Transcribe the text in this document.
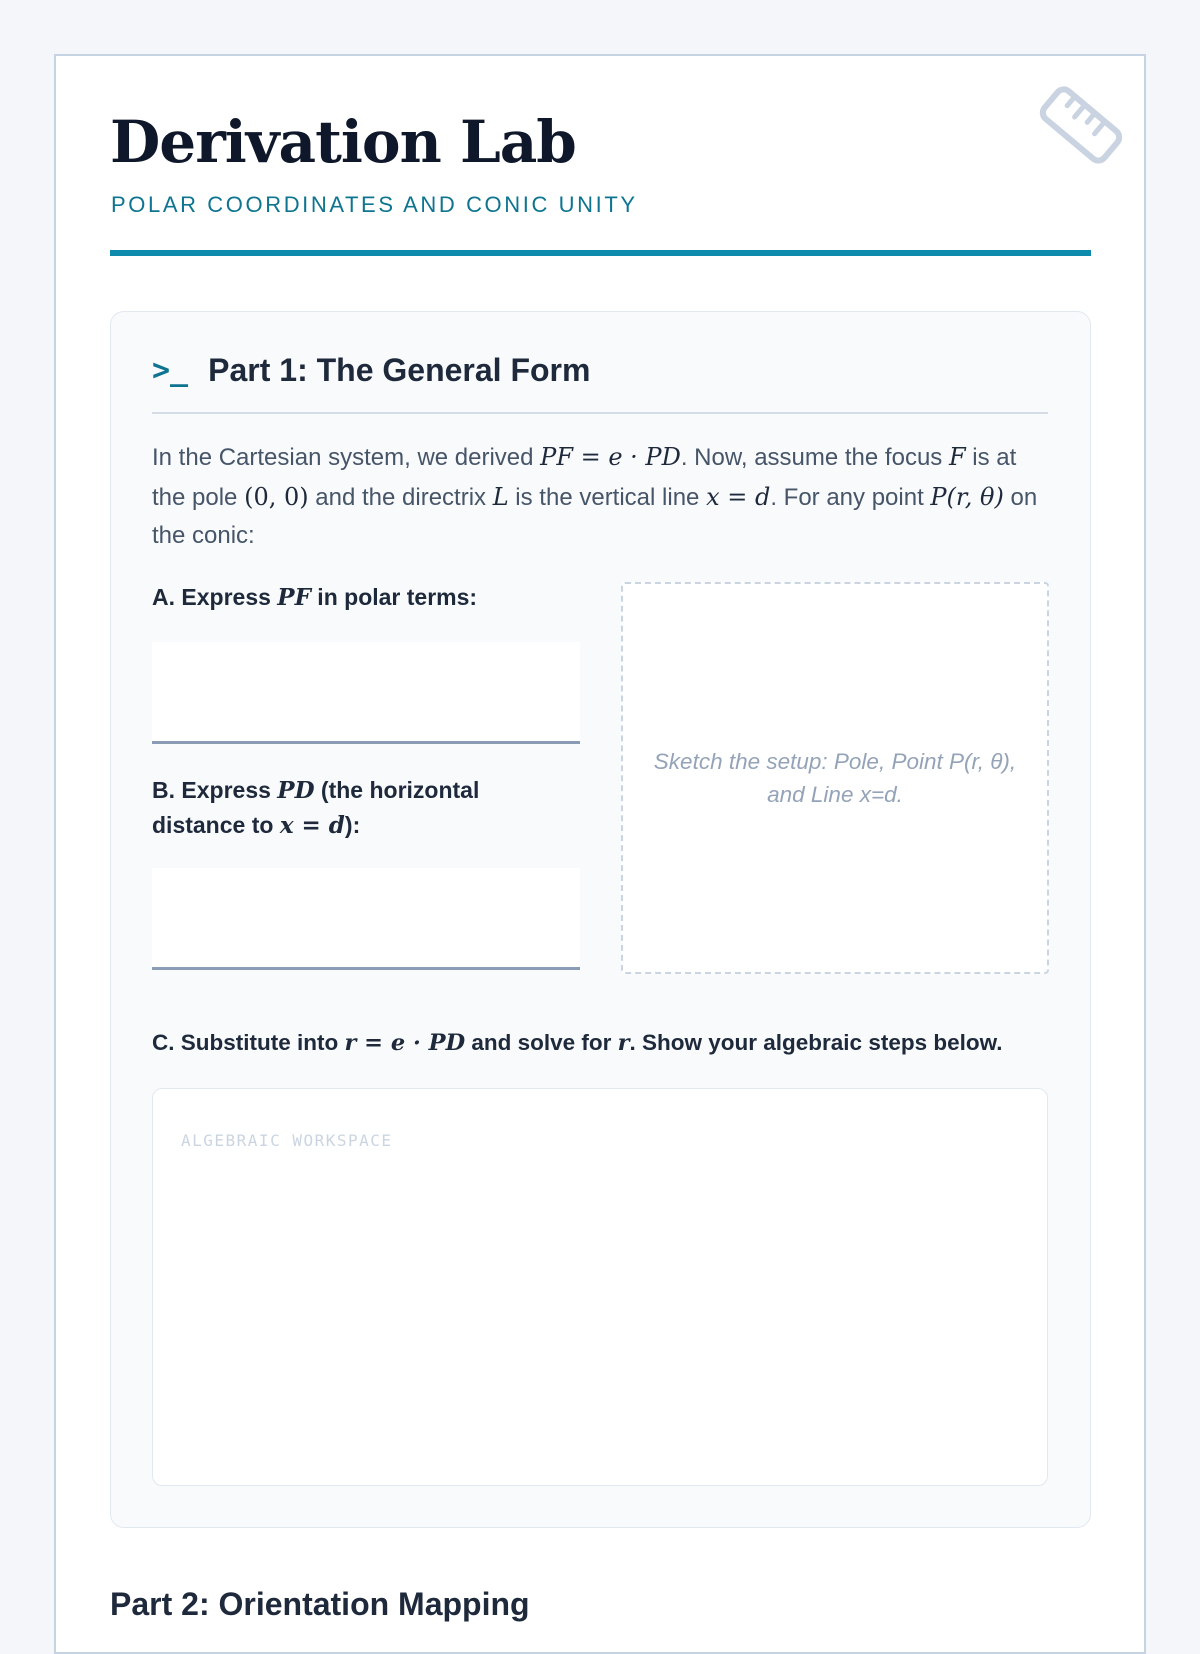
Derivation Lab

POLAR COORDINATES AND CONIC UNITY

>_ Part 1: The General Form

In the Cartesian system, we derived PF = e · PD. Now, assume the focus F is at the pole (0, 0) and the directrix L is the vertical line x = d. For any point P(r, θ) on the conic:

A. Express PF in polar terms:

B. Express PD (the horizontal distance to x = d):

Sketch the setup: Pole, Point P(r, θ), and Line x=d.

C. Substitute into r = e · PD and solve for r. Show your algebraic steps below.

ALGEBRAIC WORKSPACE

Part 2: Orientation Mapping
